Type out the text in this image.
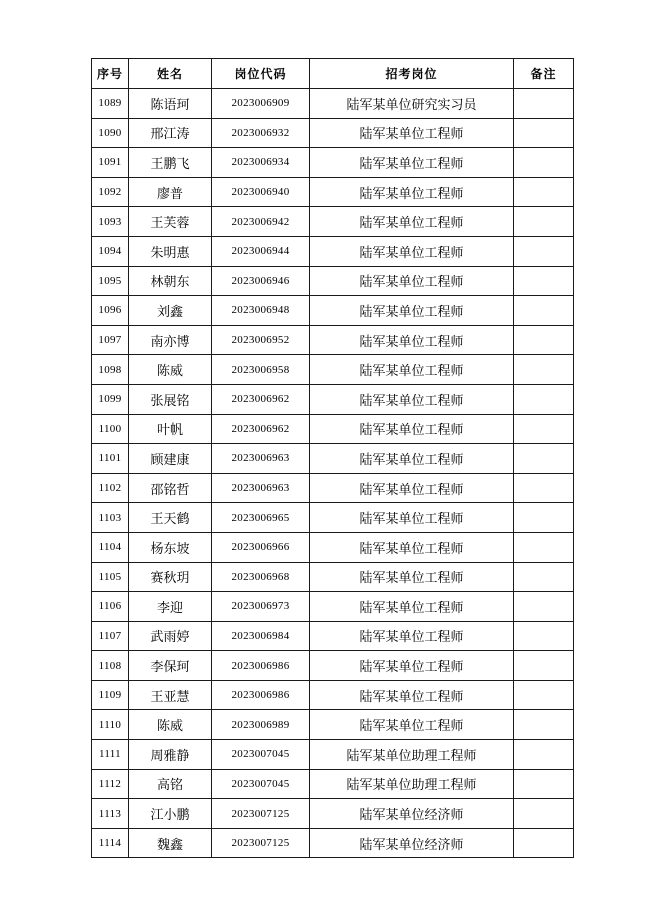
序号	姓名	岗位代码	招考岗位	备注
1089	陈语珂	2023006909	陆军某单位研究实习员	
1090	邢江涛	2023006932	陆军某单位工程师	
1091	王鹏飞	2023006934	陆军某单位工程师	
1092	廖普	2023006940	陆军某单位工程师	
1093	王芙蓉	2023006942	陆军某单位工程师	
1094	朱明惠	2023006944	陆军某单位工程师	
1095	林朝东	2023006946	陆军某单位工程师	
1096	刘鑫	2023006948	陆军某单位工程师	
1097	南亦博	2023006952	陆军某单位工程师	
1098	陈威	2023006958	陆军某单位工程师	
1099	张展铭	2023006962	陆军某单位工程师	
1100	叶帆	2023006962	陆军某单位工程师	
1101	顾建康	2023006963	陆军某单位工程师	
1102	邵铭哲	2023006963	陆军某单位工程师	
1103	王天鹤	2023006965	陆军某单位工程师	
1104	杨东坡	2023006966	陆军某单位工程师	
1105	赛秋玥	2023006968	陆军某单位工程师	
1106	李迎	2023006973	陆军某单位工程师	
1107	武雨婷	2023006984	陆军某单位工程师	
1108	李保珂	2023006986	陆军某单位工程师	
1109	王亚慧	2023006986	陆军某单位工程师	
1110	陈威	2023006989	陆军某单位工程师	
1111	周雅静	2023007045	陆军某单位助理工程师	
1112	高铭	2023007045	陆军某单位助理工程师	
1113	江小鹏	2023007125	陆军某单位经济师	
1114	魏鑫	2023007125	陆军某单位经济师	
